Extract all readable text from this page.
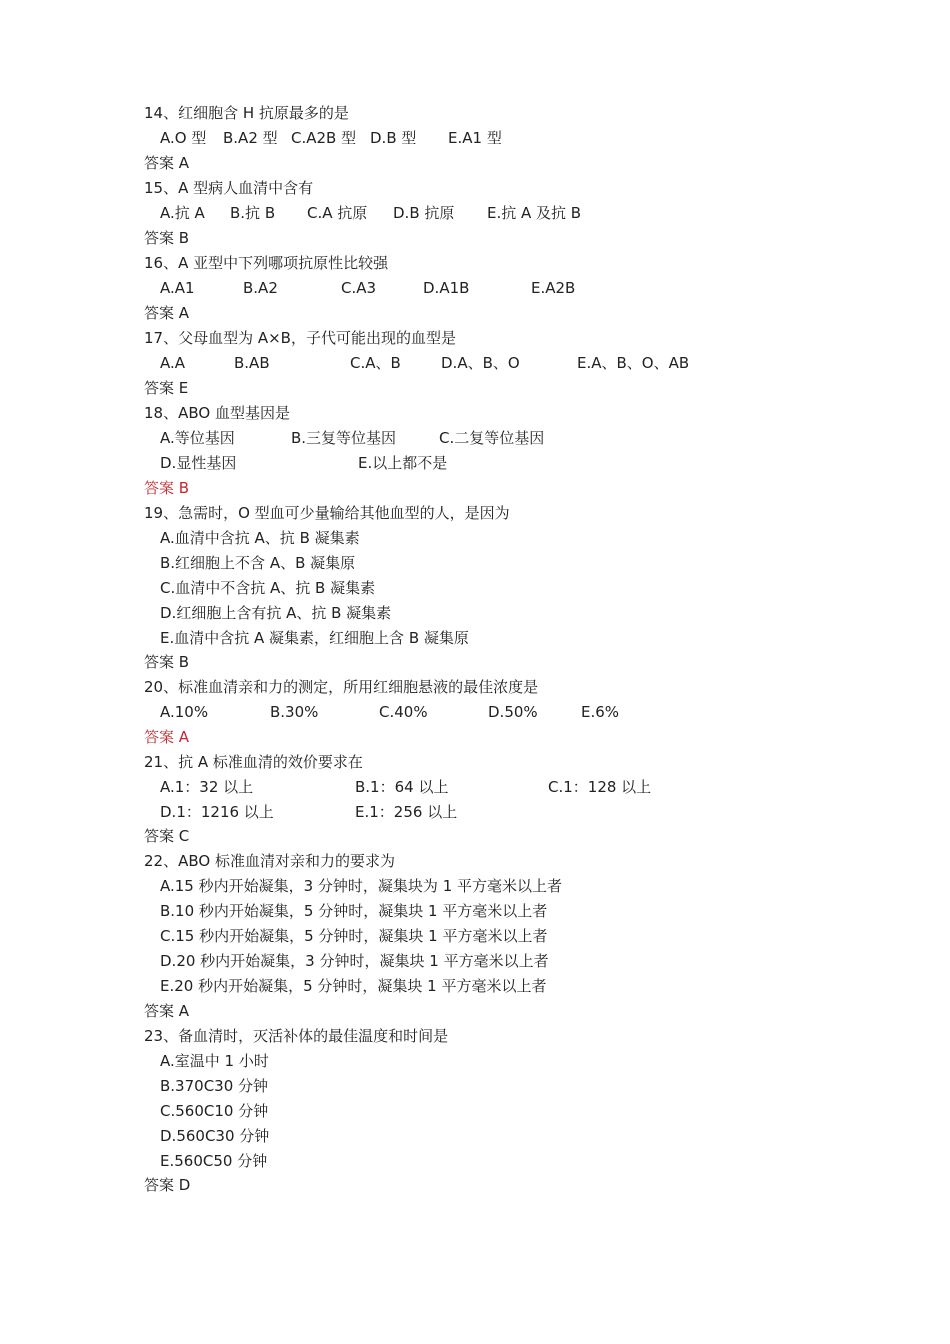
14、红细胞含 H 抗原最多的是
A.O 型 B.A2 型 C.A2B 型 D.B 型 E.A1 型
答案 A
15、A 型病人血清中含有
A.抗 A B.抗 B C.A 抗原 D.B 抗原 E.抗 A 及抗 B
答案 B
16、A 亚型中下列哪项抗原性比较强
A.A1	B.A2	C.A3	D.A1B	E.A2B
答案 A
17、父母血型为 A×B，子代可能出现的血型是
A.A	B.AB	C.A、B	D.A、B、O	E.A、B、O、AB
答案 E
18、ABO 血型基因是
A.等位基因	B.三复等位基因	C.二复等位基因
D.显性基因	E.以上都不是
答案 B
19、急需时，O 型血可少量输给其他血型的人，是因为
A.血清中含抗 A、抗 B 凝集素
B.红细胞上不含 A、B 凝集原
C.血清中不含抗 A、抗 B 凝集素
D.红细胞上含有抗 A、抗 B 凝集素
E.血清中含抗 A 凝集素，红细胞上含 B 凝集原
答案 B
20、标准血清亲和力的测定，所用红细胞悬液的最佳浓度是
A.10%	B.30%	C.40%	D.50%	E.6%
答案 A
21、抗 A 标准血清的效价要求在
A.1：32 以上	B.1：64 以上	C.1：128 以上
D.1：1216 以上	E.1：256 以上
答案 C
22、ABO 标准血清对亲和力的要求为
A.15 秒内开始凝集，3 分钟时，凝集块为 1 平方毫米以上者
B.10 秒内开始凝集，5 分钟时，凝集块 1 平方毫米以上者
C.15 秒内开始凝集，5 分钟时，凝集块 1 平方毫米以上者
D.20 秒内开始凝集，3 分钟时，凝集块 1 平方毫米以上者
E.20 秒内开始凝集，5 分钟时，凝集块 1 平方毫米以上者
答案 A
23、备血清时，灭活补体的最佳温度和时间是
A.室温中 1 小时
B.370C30 分钟
C.560C10 分钟
D.560C30 分钟
E.560C50 分钟
答案 D
